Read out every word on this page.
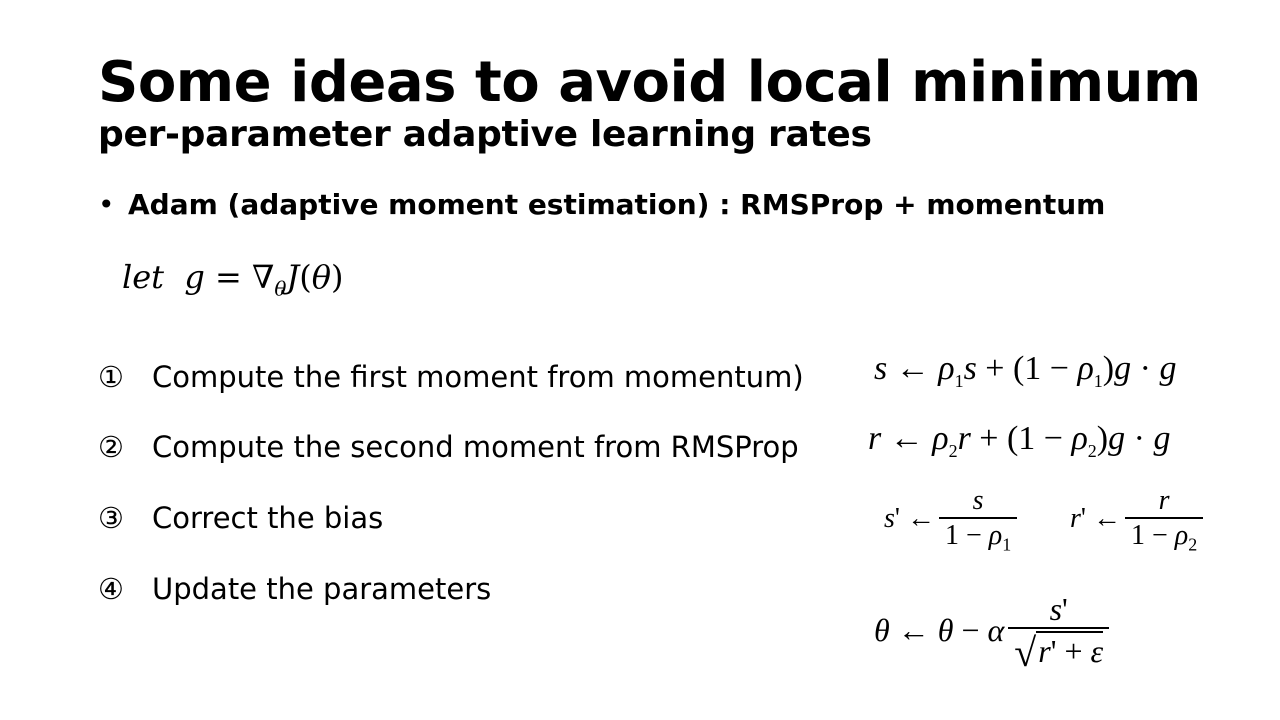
Some ideas to avoid local minimum
per-parameter adaptive learning rates
• Adam (adaptive moment estimation) : RMSProp + momentum
let  $g = \nabla_\theta J(\theta)$
① Compute the first moment from momentum)
② Compute the second moment from RMSProp
③ Correct the bias
④ Update the parameters
s ← $\rho_1s + (1 - \rho_1)g \cdot g$
r ← $\rho_2r + (1 - \rho_2)g \cdot g$
s' ← $\frac{s}{1 - \rho_1} r'$ ← $\frac{r}{1 - \rho_2}$
θ ← θ − α $\frac{s'}{√r' + \varepsilon}$
